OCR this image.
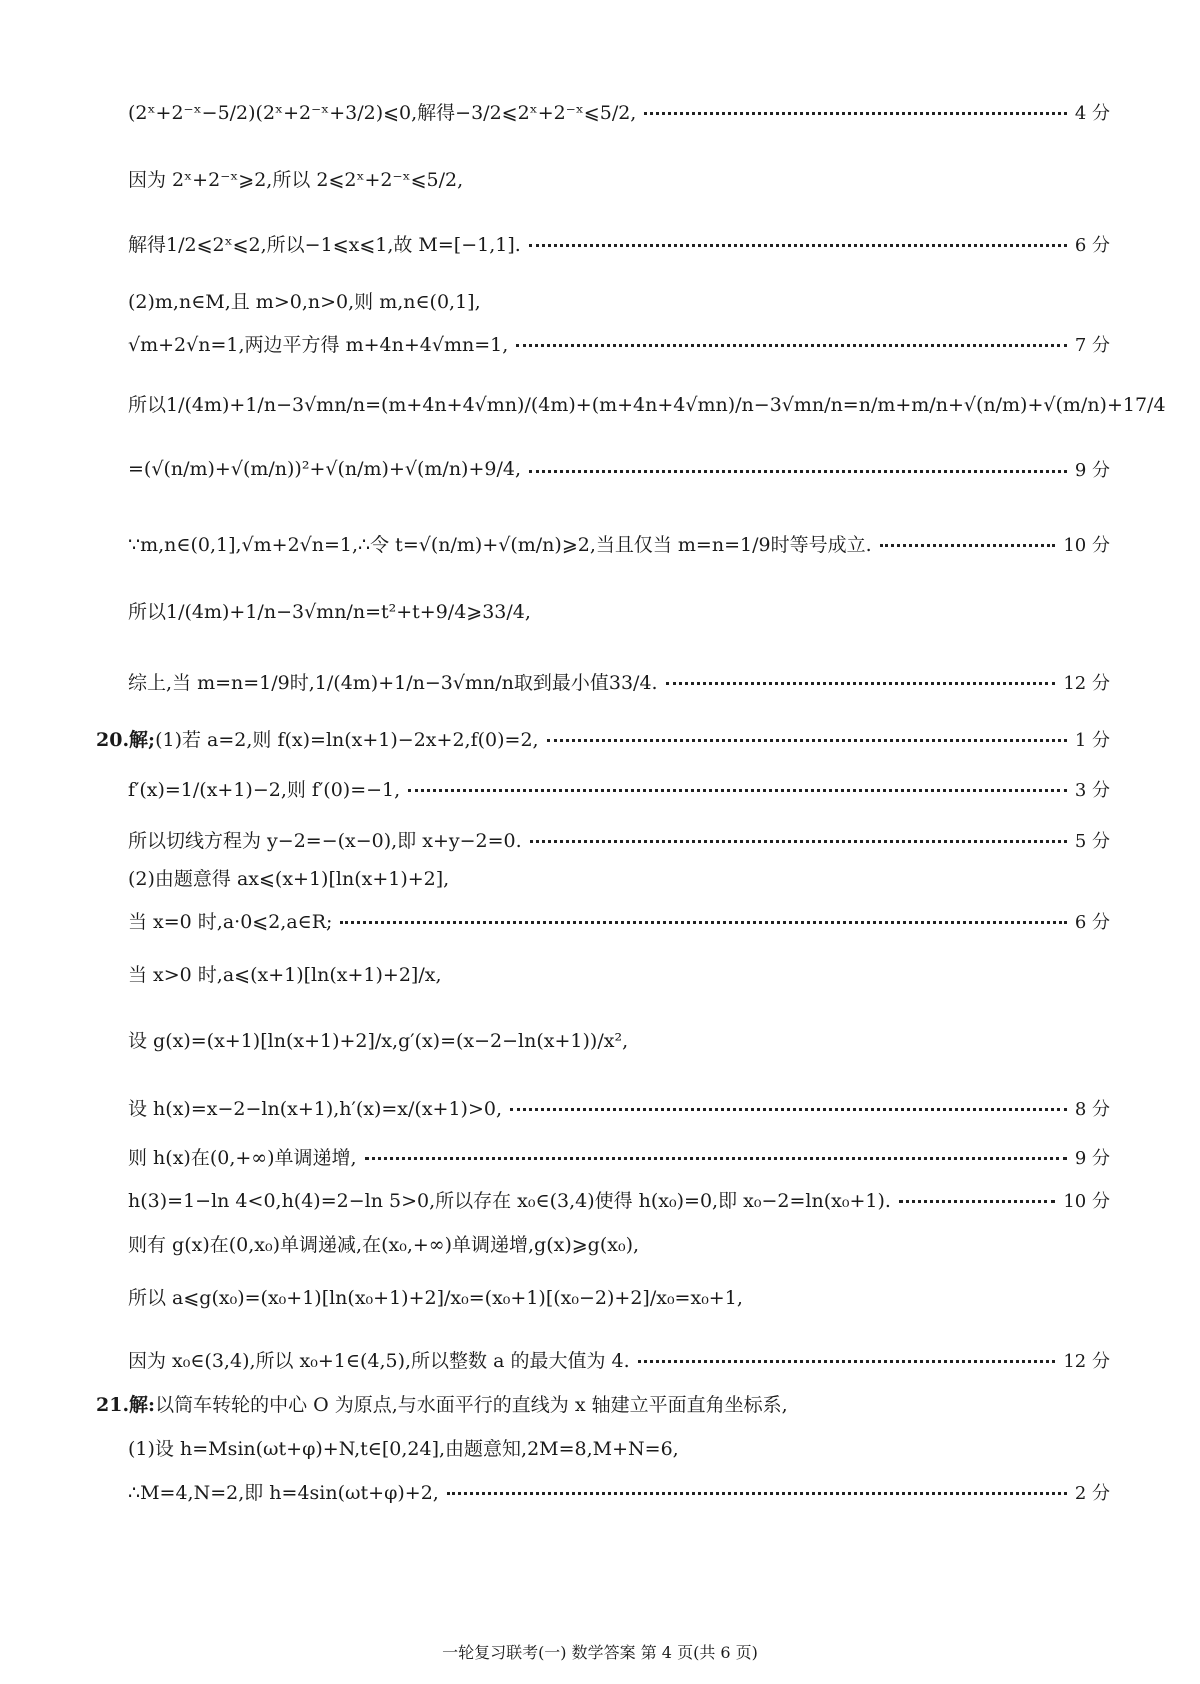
(2ˣ+2⁻ˣ−5/2)(2ˣ+2⁻ˣ+3/2)⩽0,解得−3/2⩽2ˣ+2⁻ˣ⩽5/2,	4 分
因为 2ˣ+2⁻ˣ⩾2,所以 2⩽2ˣ+2⁻ˣ⩽5/2,
解得1/2⩽2ˣ⩽2,所以−1⩽x⩽1,故 M=[−1,1].	6 分
(2)m,n∈M,且 m>0,n>0,则 m,n∈(0,1],
√m+2√n=1,两边平方得 m+4n+4√mn=1,	7 分
所以1/(4m)+1/n−3√mn/n=(m+4n+4√mn)/(4m)+(m+4n+4√mn)/n−3√mn/n=n/m+m/n+√(n/m)+√(m/n)+17/4
=(√(n/m)+√(m/n))²+√(n/m)+√(m/n)+9/4,	9 分
∵m,n∈(0,1],√m+2√n=1,∴令 t=√(n/m)+√(m/n)⩾2,当且仅当 m=n=1/9时等号成立.	10 分
所以1/(4m)+1/n−3√mn/n=t²+t+9/4⩾33/4,
综上,当 m=n=1/9时,1/(4m)+1/n−3√mn/n取到最小值33/4.	12 分
20.解; (1)若 a=2,则 f(x)=ln(x+1)−2x+2,f(0)=2,	1 分
f′(x)=1/(x+1)−2,则 f′(0)=−1,	3 分
所以切线方程为 y−2=−(x−0),即 x+y−2=0.	5 分
(2)由题意得 ax⩽(x+1)[ln(x+1)+2],
当 x=0 时,a·0⩽2,a∈R;	6 分
当 x>0 时,a⩽(x+1)[ln(x+1)+2]/x,
设 g(x)=(x+1)[ln(x+1)+2]/x,g′(x)=(x−2−ln(x+1))/x²,
设 h(x)=x−2−ln(x+1),h′(x)=x/(x+1)>0,	8 分
则 h(x)在(0,+∞)单调递增,	9 分
h(3)=1−ln 4<0,h(4)=2−ln 5>0,所以存在 x₀∈(3,4)使得 h(x₀)=0,即 x₀−2=ln(x₀+1).	10 分
则有 g(x)在(0,x₀)单调递减,在(x₀,+∞)单调递增,g(x)⩾g(x₀),
所以 a⩽g(x₀)=(x₀+1)[ln(x₀+1)+2]/x₀=(x₀+1)[(x₀−2)+2]/x₀=x₀+1,
因为 x₀∈(3,4),所以 x₀+1∈(4,5),所以整数 a 的最大值为 4.	12 分
21.解: 以筒车转轮的中心 O 为原点,与水面平行的直线为 x 轴建立平面直角坐标系,
(1)设 h=Msin(ωt+φ)+N,t∈[0,24],由题意知,2M=8,M+N=6,
∴M=4,N=2,即 h=4sin(ωt+φ)+2,	2 分
一轮复习联考(一) 数学答案 第 4 页(共 6 页)
